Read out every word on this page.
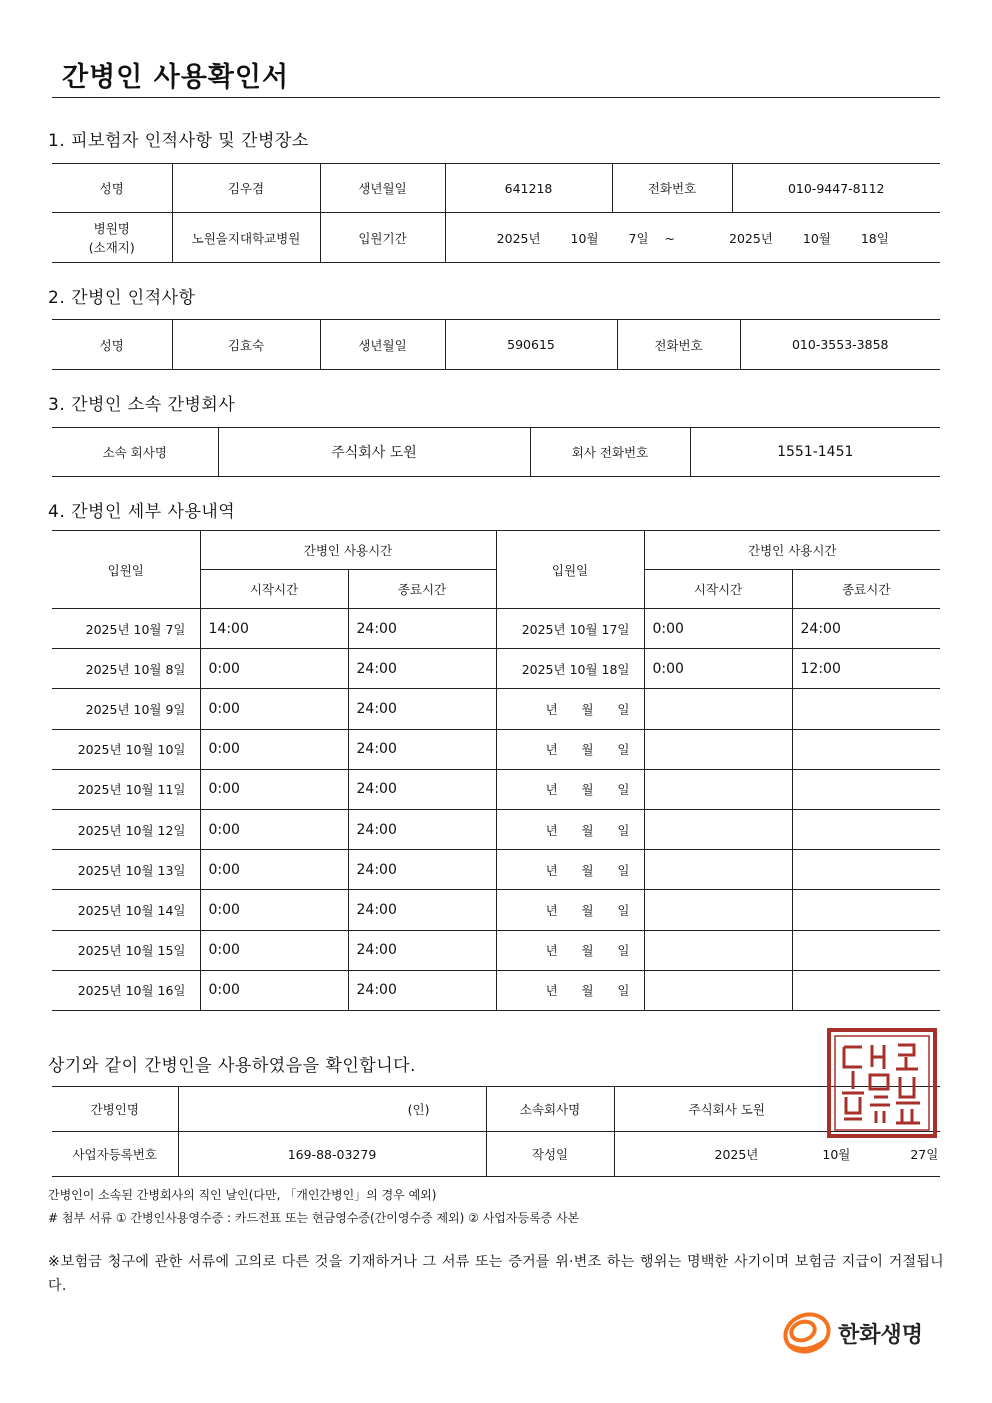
간병인 사용확인서
1. 피보험자 인적사항 및 간병장소
성명	김우겸	생년월일	641218	전화번호	010-9447-8112

병원명
(소재지)	노원을지대학교병원	입원기간	2025년 10월 7일 ~ 2025년 10월 18일		
2. 간병인 인적사항
성명	김효숙	생년월일	590615	전화번호	010-3553-3858
3. 간병인 소속 간병회사
소속 회사명	주식회사 도원	회사 전화번호	1551-1451
4. 간병인 세부 사용내역
입원일	간병인 사용시간		입원일	간병인 사용시간	
	시작시간	종료시간		시작시간	종료시간
2025년 10월 7일	14:00	24:00	2025년 10월 17일	0:00	24:00
2025년 10월 8일	0:00	24:00	2025년 10월 18일	0:00	12:00
2025년 10월 9일	0:00	24:00	년      월      일		
2025년 10월 10일	0:00	24:00	년      월      일		
2025년 10월 11일	0:00	24:00	년      월      일		
2025년 10월 12일	0:00	24:00	년      월      일		
2025년 10월 13일	0:00	24:00	년      월      일		
2025년 10월 14일	0:00	24:00	년      월      일		
2025년 10월 15일	0:00	24:00	년      월      일		
2025년 10월 16일	0:00	24:00	년      월      일		
상기와 같이 간병인을 사용하였음을 확인합니다.
간병인명	(인)	소속회사명	주식회사 도원
사업자등록번호	169-88-03279	작성일	2025년 10월 27일
간병인이 소속된 간병회사의 직인 날인(다만, 「개인간병인」의 경우 예외)
# 첨부 서류 ① 간병인사용영수증 : 카드전표 또는 현금영수증(간이영수증 제외) ② 사업자등록증 사본
※보험금 청구에 관한 서류에 고의로 다른 것을 기재하거나 그 서류 또는 증거를 위·변조 하는 행위는 명백한 사기이며 보험금 지급이 거절됩니다.
한화생명
